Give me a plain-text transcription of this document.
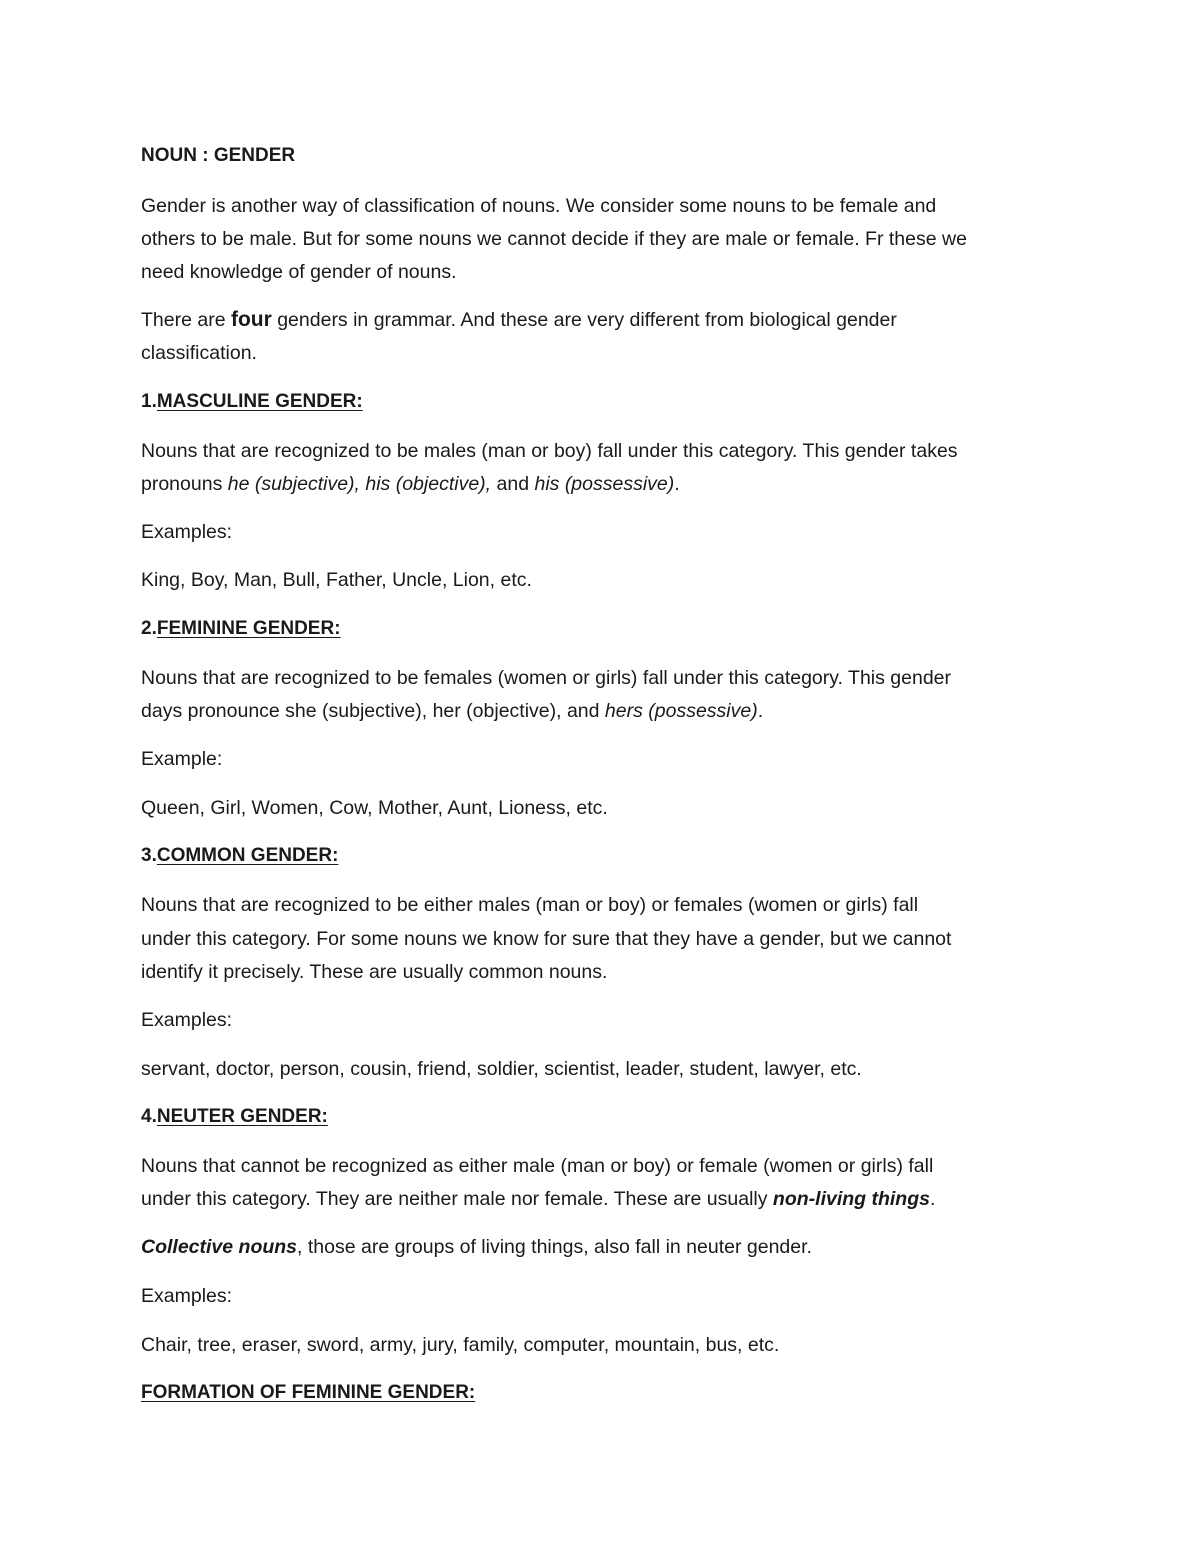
NOUN : GENDER

Gender is another way of classification of nouns. We consider some nouns to be female and

others to be male. But for some nouns we cannot decide if they are male or female. Fr these we

need knowledge of gender of nouns.

There are four genders in grammar. And these are very different from biological gender

classification.

1.MASCULINE GENDER:

Nouns that are recognized to be males (man or boy) fall under this category. This gender takes

pronouns he (subjective), his (objective), and his (possessive).

Examples:

King, Boy, Man, Bull, Father, Uncle, Lion, etc.

2.FEMININE GENDER:

Nouns that are recognized to be females (women or girls) fall under this category. This gender

days pronounce she (subjective), her (objective), and hers (possessive).

Example:

Queen, Girl, Women, Cow, Mother, Aunt, Lioness, etc.

3.COMMON GENDER:

Nouns that are recognized to be either males (man or boy) or females (women or girls) fall

under this category. For some nouns we know for sure that they have a gender, but we cannot

identify it precisely. These are usually common nouns.

Examples:

servant, doctor, person, cousin, friend, soldier, scientist, leader, student, lawyer, etc.

4.NEUTER GENDER:

Nouns that cannot be recognized as either male (man or boy) or female (women or girls) fall

under this category. They are neither male nor female. These are usually non-living things.

Collective nouns, those are groups of living things, also fall in neuter gender.

Examples:

Chair, tree, eraser, sword, army, jury, family, computer, mountain, bus, etc.

FORMATION OF FEMININE GENDER:
